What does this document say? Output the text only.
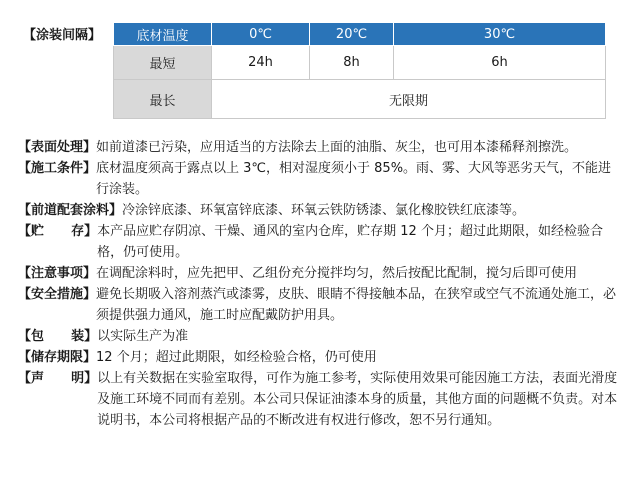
【涂装间隔】	底材温度	0℃	20℃	30℃
最短	24h	8h	6h
最长	无限期		
【表面处理】 如前道漆已污染，应用适当的方法除去上面的油脂、灰尘，也可用本漆稀释剂擦洗。
【施工条件】 底材温度须高于露点以上 3℃，相对湿度须小于 85%。雨、雾、大风等恶劣天气，不能进行涂装。
【前道配套涂料】 冷涂锌底漆、环氧富锌底漆、环氧云铁防锈漆、氯化橡胶铁红底漆等。
【贮      存】 本产品应贮存阴凉、干燥、通风的室内仓库，贮存期 12 个月；超过此期限，如经检验合格，仍可使用。
【注意事项】 在调配涂料时，应先把甲、乙组份充分搅拌均匀，然后按配比配制，搅匀后即可使用
【安全措施】 避免长期吸入溶剂蒸汽或漆雾，皮肤、眼睛不得接触本品，在狭窄或空气不流通处施工，必须提供强力通风，施工时应配戴防护用具。
【包      装】 以实际生产为准
【储存期限】 12 个月；超过此期限，如经检验合格，仍可使用
【声      明】 以上有关数据在实验室取得，可作为施工参考，实际使用效果可能因施工方法，表面光滑度及施工环境不同而有差别。本公司只保证油漆本身的质量，其他方面的问题概不负责。对本说明书，本公司将根据产品的不断改进有权进行修改，恕不另行通知。
